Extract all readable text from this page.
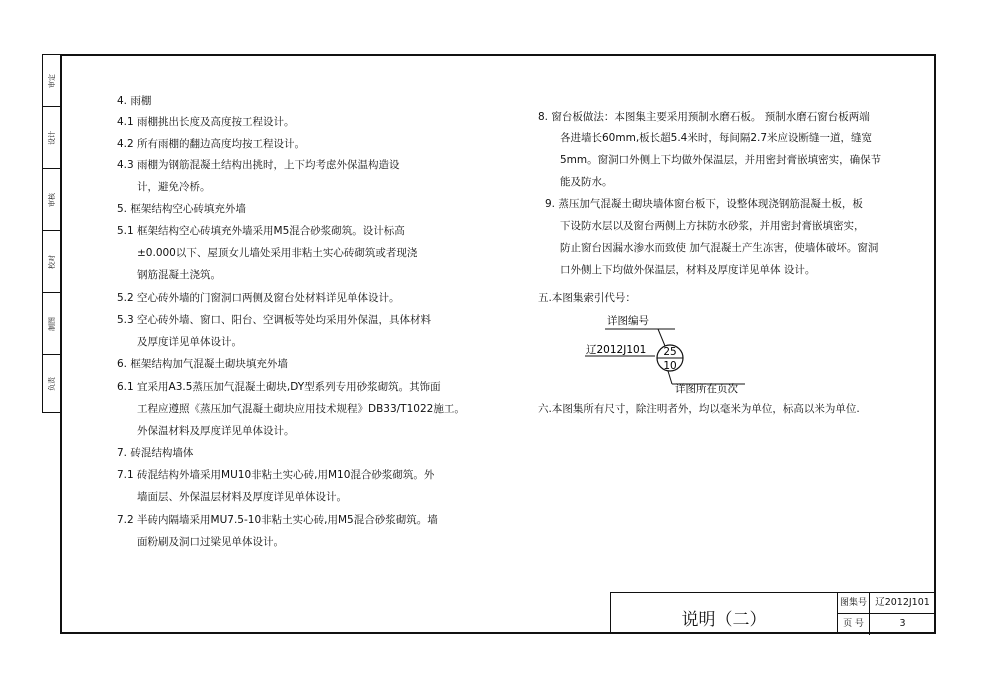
审定
设计
审核
校对
制图
负责
4. 雨棚
4.1 雨棚挑出长度及高度按工程设计。
4.2 所有雨棚的翻边高度均按工程设计。
4.3 雨棚为钢筋混凝土结构出挑时，上下均考虑外保温构造设
计，避免冷桥。
5. 框架结构空心砖填充外墙
5.1 框架结构空心砖填充外墙采用M5混合砂浆砌筑。设计标高
±0.000以下、屋顶女儿墙处采用非粘土实心砖砌筑或者现浇
钢筋混凝土浇筑。
5.2 空心砖外墙的门窗洞口两侧及窗台处材料详见单体设计。
5.3 空心砖外墙、窗口、阳台、空调板等处均采用外保温，具体材料
及厚度详见单体设计。
6. 框架结构加气混凝土砌块填充外墙
6.1 宜采用A3.5蒸压加气混凝土砌块,DY型系列专用砂浆砌筑。其饰面
工程应遵照《蒸压加气混凝土砌块应用技术规程》DB33/T1022施工。
外保温材料及厚度详见单体设计。
7. 砖混结构墙体
7.1 砖混结构外墙采用MU10非粘土实心砖,用M10混合砂浆砌筑。外
墙面层、外保温层材料及厚度详见单体设计。
7.2 半砖内隔墙采用MU7.5-10非粘土实心砖,用M5混合砂浆砌筑。墙
面粉刷及洞口过梁见单体设计。
8. 窗台板做法：本图集主要采用预制水磨石板。 预制水磨石窗台板两端
各进墙长60mm,板长超5.4米时，每间隔2.7米应设断缝一道，缝宽
5mm。窗洞口外侧上下均做外保温层，并用密封膏嵌填密实，确保节
能及防水。
9. 蒸压加气混凝土砌块墙体窗台板下，设整体现浇钢筋混凝土板，板
下设防水层以及窗台两侧上方抹防水砂浆，并用密封膏嵌填密实，
防止窗台因漏水渗水而致使 加气混凝土产生冻害，使墙体破坏。窗洞
口外侧上下均做外保温层，材料及厚度详见单体 设计。
五.本图集索引代号：
六.本图集所有尺寸，除注明者外，均以毫米为单位，标高以米为单位.
详图编号
辽2012J101 25
10
详图所在页次
说明（二）
图集号 辽2012J101
页 号	3
